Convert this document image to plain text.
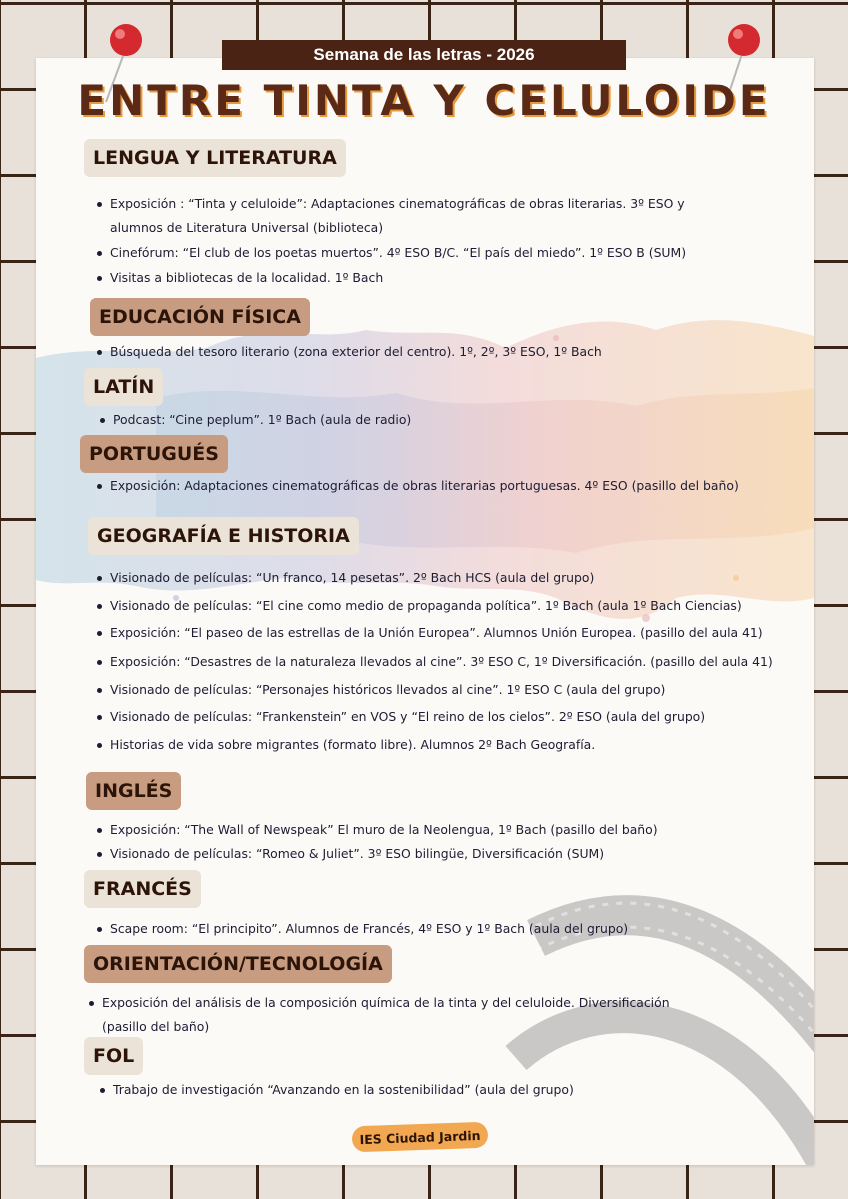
Semana de las letras - 2026
ENTRE TINTA Y CELULOIDE
LENGUA Y LITERATURA
Exposición : “Tinta y celuloide”: Adaptaciones cinematográficas de obras literarias. 3º ESO y
alumnos de Literatura Universal (biblioteca)
Cinefórum: “El club de los poetas muertos”. 4º ESO B/C. “El país del miedo”. 1º ESO B (SUM)
Visitas a bibliotecas de la localidad. 1º Bach
EDUCACIÓN FÍSICA
Búsqueda del tesoro literario (zona exterior del centro). 1º, 2º, 3º ESO, 1º Bach
LATÍN
Podcast: “Cine peplum”. 1º Bach (aula de radio)
PORTUGUÉS
Exposición: Adaptaciones cinematográficas de obras literarias portuguesas. 4º ESO (pasillo del baño)
GEOGRAFÍA E HISTORIA
Visionado de películas: “Un franco, 14 pesetas”. 2º Bach HCS (aula del grupo)
Visionado de películas: “El cine como medio de propaganda política”. 1º Bach (aula 1º Bach Ciencias)
Exposición: “El paseo de las estrellas de la Unión Europea”. Alumnos Unión Europea. (pasillo del aula 41)
Exposición: “Desastres de la naturaleza llevados al cine”. 3º ESO C, 1º Diversificación. (pasillo del aula 41)
Visionado de películas: “Personajes históricos llevados al cine”. 1º ESO C (aula del grupo)
Visionado de películas: “Frankenstein” en VOS y “El reino de los cielos”. 2º ESO (aula del grupo)
Historias de vida sobre migrantes (formato libre). Alumnos 2º Bach Geografía.
INGLÉS
Exposición: “The Wall of Newspeak” El muro de la Neolengua, 1º Bach (pasillo del baño)
Visionado de películas: “Romeo & Juliet”. 3º ESO bilingüe, Diversificación (SUM)
FRANCÉS
Scape room: “El principito”. Alumnos de Francés, 4º ESO y 1º Bach (aula del grupo)
ORIENTACIÓN/TECNOLOGÍA
Exposición del análisis de la composición química de la tinta y del celuloide. Diversificación
(pasillo del baño)
FOL
Trabajo de investigación “Avanzando en la sostenibilidad” (aula del grupo)
IES Ciudad Jardin
